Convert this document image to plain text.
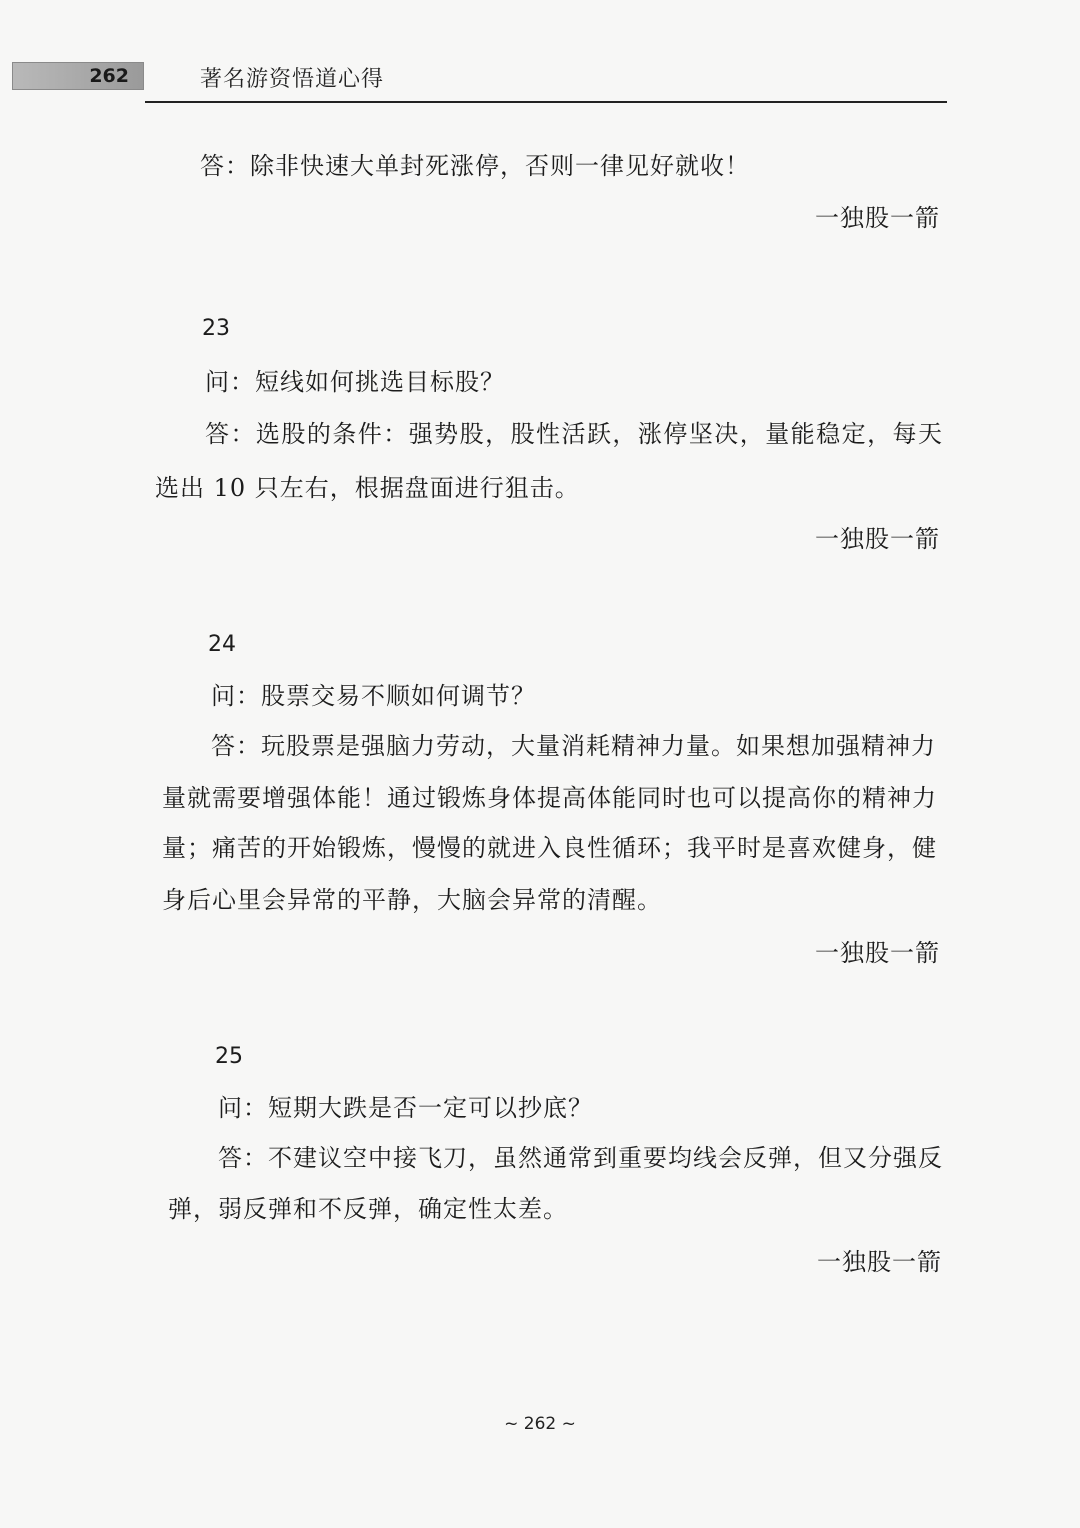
262	著名游资悟道心得
答：除非快速大单封死涨停，否则一律见好就收！
一独股一箭
23
问：短线如何挑选目标股？
答：选股的条件：强势股，股性活跃，涨停坚决，量能稳定，每天
选出 10 只左右，根据盘面进行狙击。
一独股一箭
24
问：股票交易不顺如何调节？
答：玩股票是强脑力劳动，大量消耗精神力量。如果想加强精神力
量就需要增强体能！通过锻炼身体提高体能同时也可以提高你的精神力
量；痛苦的开始锻炼，慢慢的就进入良性循环；我平时是喜欢健身，健
身后心里会异常的平静，大脑会异常的清醒。
一独股一箭
25
问：短期大跌是否一定可以抄底？
答：不建议空中接飞刀，虽然通常到重要均线会反弹，但又分强反
弹，弱反弹和不反弹，确定性太差。
一独股一箭
~ 262 ~
